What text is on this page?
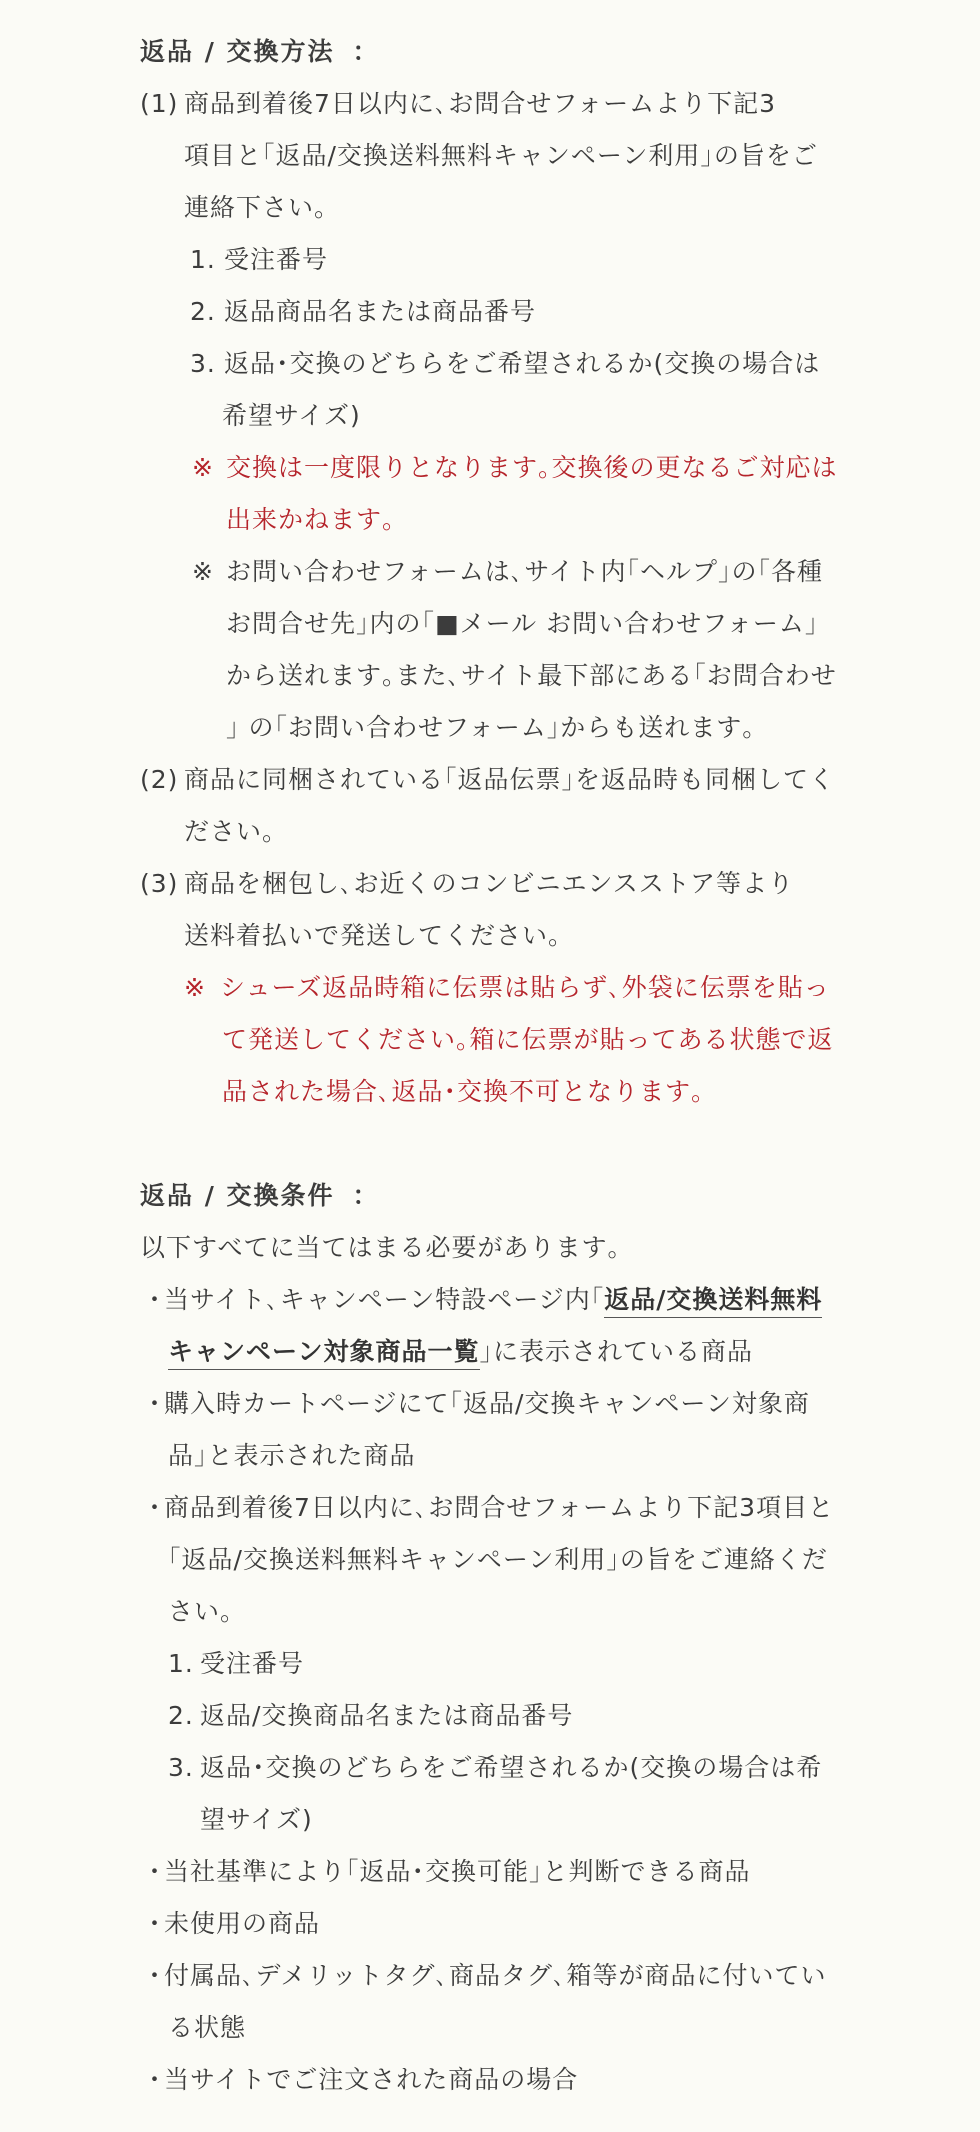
返品 / 交換方法 ：
(1) 商品到着後7日以内に､お問合せフォームより下記3
項目と｢返品/交換送料無料キャンペーン利用｣の旨をご
連絡下さい｡
1. 受注番号
2. 返品商品名または商品番号
3. 返品･交換のどちらをご希望されるか(交換の場合は
希望サイズ)
※ 交換は一度限りとなります｡交換後の更なるご対応は
出来かねます｡
※ お問い合わせフォームは､サイト内｢ヘルプ｣の｢各種
お問合せ先｣内の｢■メール お問い合わせフォーム｣
から送れます｡また､サイト最下部にある｢お問合わせ
｣ の｢お問い合わせフォーム｣からも送れます｡
(2) 商品に同梱されている｢返品伝票｣を返品時も同梱してく
ださい｡
(3) 商品を梱包し､お近くのコンビニエンスストア等より
送料着払いで発送してください｡
※ シューズ返品時箱に伝票は貼らず､外袋に伝票を貼っ
て発送してください｡箱に伝票が貼ってある状態で返
品された場合､返品･交換不可となります｡
返品 / 交換条件 ：
以下すべてに当てはまる必要があります｡
・
当サイト､キャンペーン特設ページ内｢返品/交換送料無料
キャンペーン対象商品一覧｣に表示されている商品
・
購入時カートページにて｢返品/交換キャンペーン対象商
品｣と表示された商品
・
商品到着後7日以内に､お問合せフォームより下記3項目と
｢返品/交換送料無料キャンペーン利用｣の旨をご連絡くだ
さい｡
1. 受注番号
2. 返品/交換商品名または商品番号
3. 返品･交換のどちらをご希望されるか(交換の場合は希
望サイズ)
・
当社基準により｢返品･交換可能｣と判断できる商品
・
未使用の商品
・
付属品､デメリットタグ､商品タグ､箱等が商品に付いてい
る状態
・
当サイトでご注文された商品の場合
